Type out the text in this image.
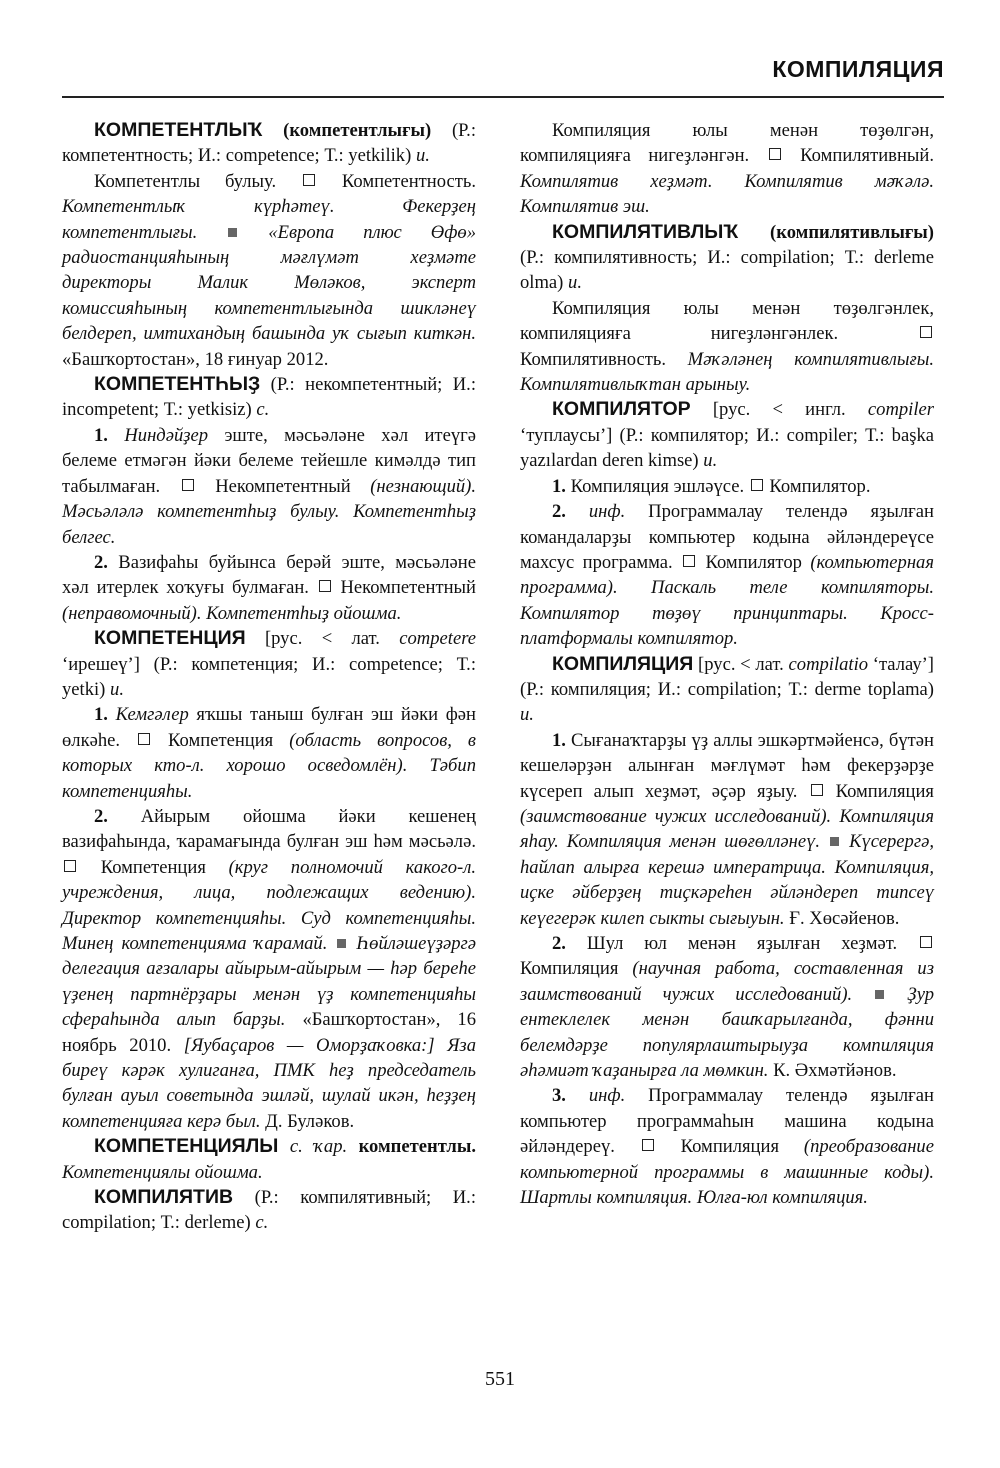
КОМПИЛЯЦИЯ

КОМПЕТЕНТЛЫҠ (компетентлығы) (Р.: компетентность; И.: competence; Т.: yetkilik) и.

Компетентлы булыу.  Компетентность. Компетентлыҡ күрһәтеү. Фекерҙең компетентлығы.  «Европа плюс Өфө» радиостанцияһының мәғлүмәт хеҙмәте директоры Малик Мөләков, эксперт комиссияһының компетентлығында шикләнеү белдереп, имтихандың башында уҡ сығып киткән. «Башҡортостан», 18 ғинуар 2012.

КОМПЕТЕНТҺЫҘ (Р.: некомпетентный; И.: incompetent; Т.: yetkisiz) с.

1. Ниндәйҙер эште, мәсьәләне хәл итеүгә белеме етмәгән йәки белеме тейешле кимәлдә тип табылмаған.  Некомпетентный (незнающий). Мәсьәләлә компетентһыҙ булыу. Компетентһыҙ белгес.

2. Вазифаһы буйынса берәй эште, мәсьәләне хәл итерлек хоҡуғы булмаған.  Некомпетентный (неправомочный). Компетентһыҙ ойошма.

КОМПЕТЕНЦИЯ [рус. < лат. competere ‘ирешеү’] (Р.: компетенция; И.: competence; Т.: yetki) и.

1. Кемгәлер яҡшы таныш булған эш йәки фән өлкәһе.  Компетенция (область вопросов, в которых кто-л. хорошо осведомлён). Тәбип компетенцияһы.

2. Айырым ойошма йәки кешенең вазифаһында, ҡарамағында булған эш һәм мәсьәлә.  Компетенция (круг полномочий какого-л. учреждения, лица, подлежащих ведению). Директор компетенцияһы. Суд компетенцияһы. Минең компетенцияма ҡарамай.  Һөйләшеүҙәргә делегация ағзалары айырым-айырым — һәр береһе үҙенең партнёрҙары менән үҙ компетенцияһы сфераһында алып барҙы. «Башҡортостан», 16 ноябрь 2010. [Яубаҫаров — Оморҙаҡовка:] Яза биреү кәрәк хулиганға, ПМК һеҙ председатель булған ауыл советында эшләй, шулай икән, һеҙҙең компетенцияға керә был. Д. Буләков.

КОМПЕТЕНЦИЯЛЫ с. ҡар. компетентлы. Компетенциялы ойошма.

КОМПИЛЯТИВ (Р.: компилятивный; И.: compilation; Т.: derleme) с.

Компиляция юлы менән төҙөлгән, компиляцияға нигеҙләнгән.  Компилятивный. Компилятив хеҙмәт. Компилятив мәҡәлә. Компилятив эш.

КОМПИЛЯТИВЛЫҠ (компилятивлығы) (Р.: компилятивность; И.: compilation; Т.: derleme olma) и.

Компиляция юлы менән төҙөлгәнлек, компиляцияға нигеҙләнгәнлек.  Компилятивность. Мәҡәләнең компилятивлығы. Компилятивлыҡтан арыныу.

КОМПИЛЯТОР [рус. < ингл. compiler ‘туплаусы’] (Р.: компилятор; И.: compiler; Т.: başka yazılardan deren kimse) и.

1. Компиляция эшләүсе.  Компилятор.

2. инф. Программалау телендә яҙылған командаларҙы компьютер кодына әйләндереүсе махсус программа.  Компилятор (компьютерная программа). Паскаль теле компиляторы. Компилятор төҙөү принциптары. Кросс-платформалы компилятор.

КОМПИЛЯЦИЯ [рус. < лат. compilatio ‘талау’] (Р.: компиляция; И.: compilation; Т.: derme toplama) и.

1. Сығанаҡтарҙы үҙ аллы эшкәртмәйенсә, бүтән кешеләрҙән алынған мәғлүмәт һәм фекерҙәрҙе күсереп алып хеҙмәт, әҫәр яҙыу.  Компиляция (заимствование чужих исследований). Компиляция яһау. Компиляция менән шөғөлләнеү.  Күсерергә, һайлап алырға керешә императрица. Компиляция, иҫке әйберҙең тиҫкәреһен әйләндереп типсеү кеүегерәк килеп сыкты сығыуын. Ғ. Хөсәйенов.

2. Шул юл менән яҙылған хеҙмәт.  Компиляция (научная работа, составленная из заимствований чужих исследований).  Ҙур ентеклелек менән башҡарылғанда, фәнни белемдәрҙе популярлаштырыуҙа компиляция әһәмиәт ҡаҙанырға ла мөмкин. К. Әхмәтйәнов.

3. инф. Программалау телендә яҙылған компьютер программаһын машина кодына әйләндереү.  Компиляция (преобразование компьютерной программы в машинные коды). Шартлы компиляция. Юлға-юл компиляция.

551
